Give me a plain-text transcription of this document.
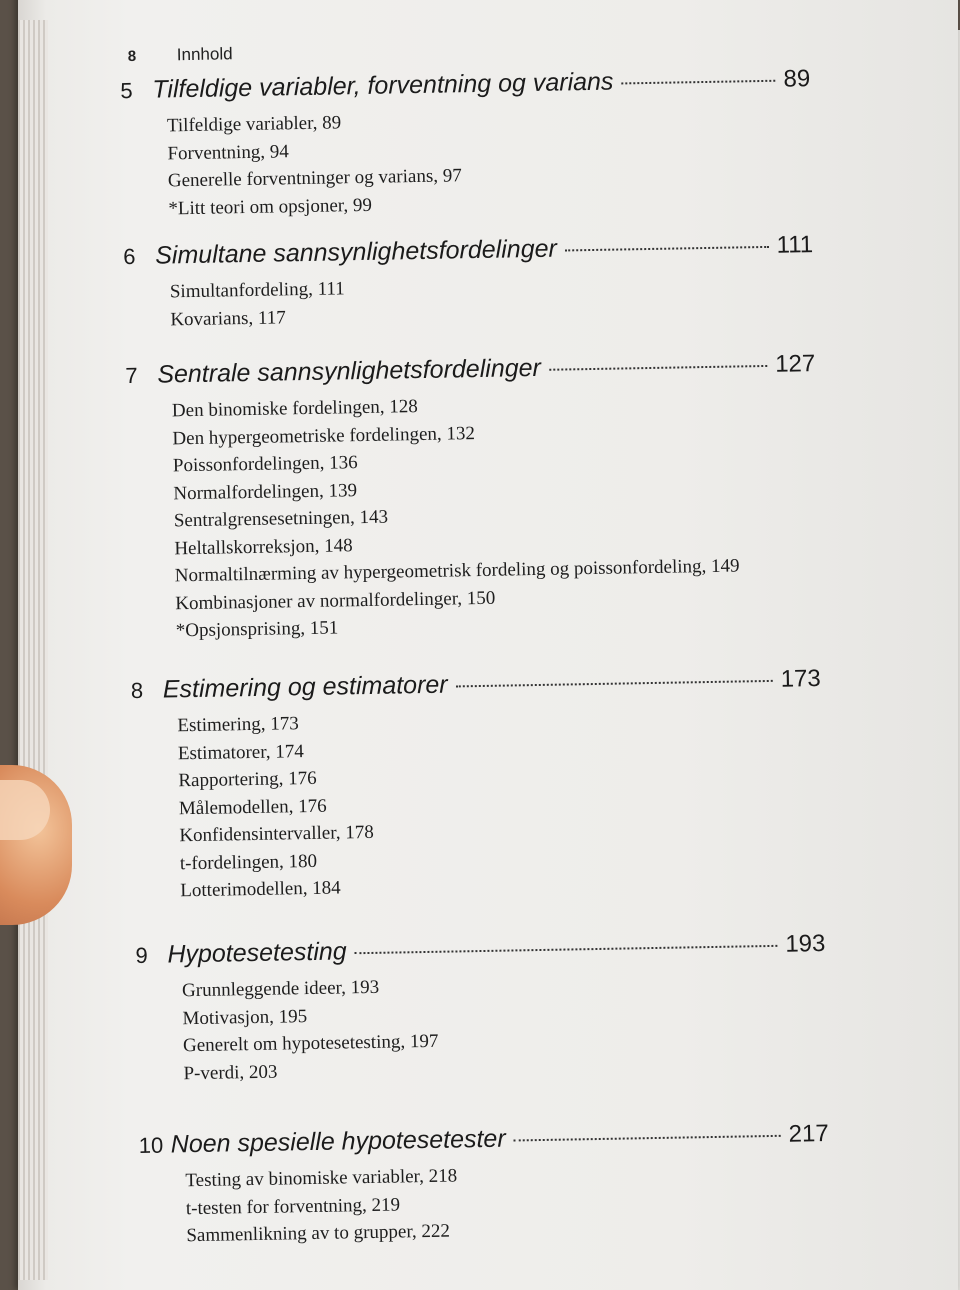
8 Innhold
5 Tilfeldige variabler, forventning og varians	89
Tilfeldige variabler, 89
Forventning, 94
Generelle forventninger og varians, 97
*Litt teori om opsjoner, 99
6 Simultane sannsynlighetsfordelinger	111
Simultanfordeling, 111
Kovarians, 117
7 Sentrale sannsynlighetsfordelinger	127
Den binomiske fordelingen, 128
Den hypergeometriske fordelingen, 132
Poissonfordelingen, 136
Normalfordelingen, 139
Sentralgrensesetningen, 143
Heltallskorreksjon, 148
Normaltilnærming av hypergeometrisk fordeling og poissonfordeling, 149
Kombinasjoner av normalfordelinger, 150
*Opsjonsprising, 151
8 Estimering og estimatorer	173
Estimering, 173
Estimatorer, 174
Rapportering, 176
Målemodellen, 176
Konfidensintervaller, 178
t-fordelingen, 180
Lotterimodellen, 184
9 Hypotesetesting	193
Grunnleggende ideer, 193
Motivasjon, 195
Generelt om hypotesetesting, 197
P-verdi, 203
10 Noen spesielle hypotesetester	217
Testing av binomiske variabler, 218
t-testen for forventning, 219
Sammenlikning av to grupper, 222
